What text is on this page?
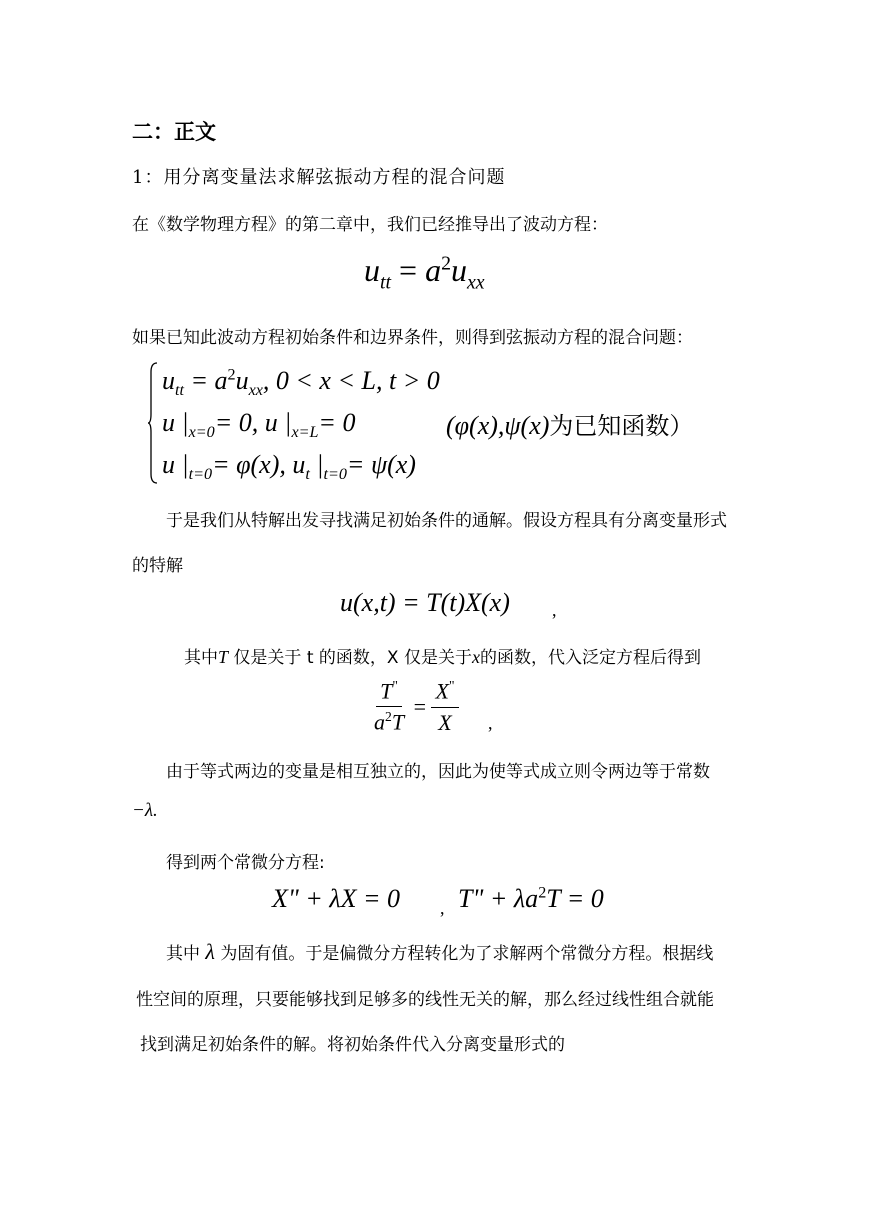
二：正文
1：用分离变量法求解弦振动方程的混合问题
在《数学物理方程》的第二章中，我们已经推导出了波动方程：
$u_{tt} = a^2u_{xx}$
如果已知此波动方程初始条件和边界条件，则得到弦振动方程的混合问题：
$u_{tt} = a^2u_{xx}$, 0 < x < L, t > 0
u $|_{x=0}= 0$, u $|_{x=L}= 0$	(φ(x),ψ(x)为已知函数）
u $|_{t=0}= \varphi(x)$, $u_t$ $|_{t=0}= \psi(x)$
于是我们从特解出发寻找满足初始条件的通解。假设方程具有分离变量形式
的特解
u(x,t) = T(t)X(x) ,
其中T 仅是关于 t 的函数，X 仅是关于x的函数，代入泛定方程后得到
$\frac{T^"}{a^2T} = \frac{X^"}{X}$ ,
由于等式两边的变量是相互独立的，因此为使等式成立则令两边等于常数
−λ.
得到两个常微分方程:
X" + λX = 0 , T" + $\lambda a^2T = 0$
其中 λ 为固有值。于是偏微分方程转化为了求解两个常微分方程。根据线
性空间的原理，只要能够找到足够多的线性无关的解，那么经过线性组合就能
找到满足初始条件的解。将初始条件代入分离变量形式的
